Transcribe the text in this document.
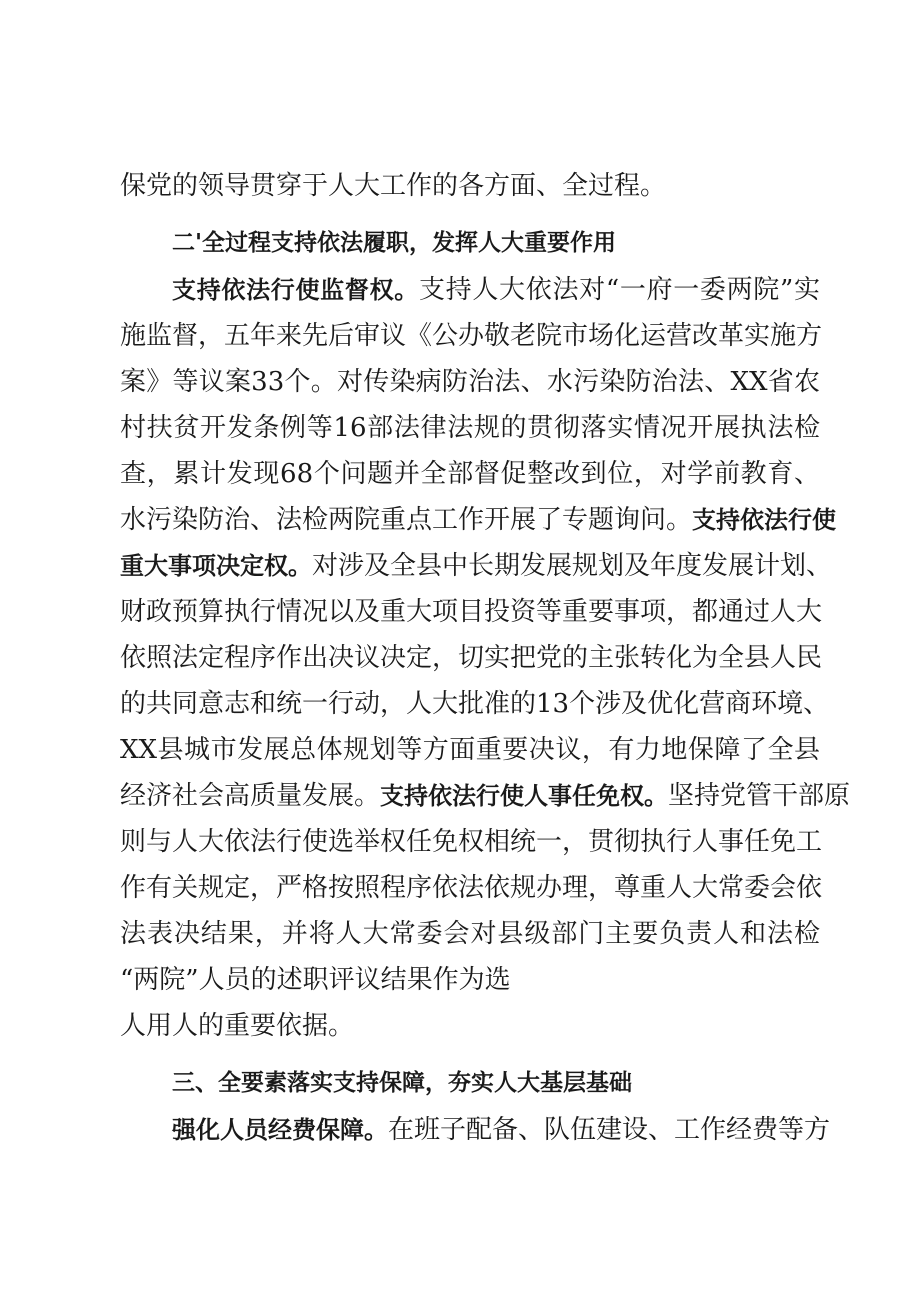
保党的领导贯穿于人大工作的各方面、全过程。
二'全过程支持依法履职，发挥人大重要作用
支持依法行使监督权。支持人大依法对“一府一委两院”实
施监督，五年来先后审议《公办敬老院市场化运营改革实施方
案》等议案33个。对传染病防治法、水污染防治法、XX省农
村扶贫开发条例等16部法律法规的贯彻落实情况开展执法检
查，累计发现68个问题并全部督促整改到位，对学前教育、
水污染防治、法检两院重点工作开展了专题询问。支持依法行使
重大事项决定权。对涉及全县中长期发展规划及年度发展计划、
财政预算执行情况以及重大项目投资等重要事项，都通过人大
依照法定程序作出决议决定，切实把党的主张转化为全县人民
的共同意志和统一行动，人大批准的13个涉及优化营商环境、
XX县城市发展总体规划等方面重要决议，有力地保障了全县
经济社会高质量发展。支持依法行使人事任免权。坚持党管干部原
则与人大依法行使选举权任免权相统一，贯彻执行人事任免工
作有关规定，严格按照程序依法依规办理，尊重人大常委会依
法表决结果，并将人大常委会对县级部门主要负责人和法检
“两院”人员的述职评议结果作为选
人用人的重要依据。
三、全要素落实支持保障，夯实人大基层基础
强化人员经费保障。在班子配备、队伍建设、工作经费等方
